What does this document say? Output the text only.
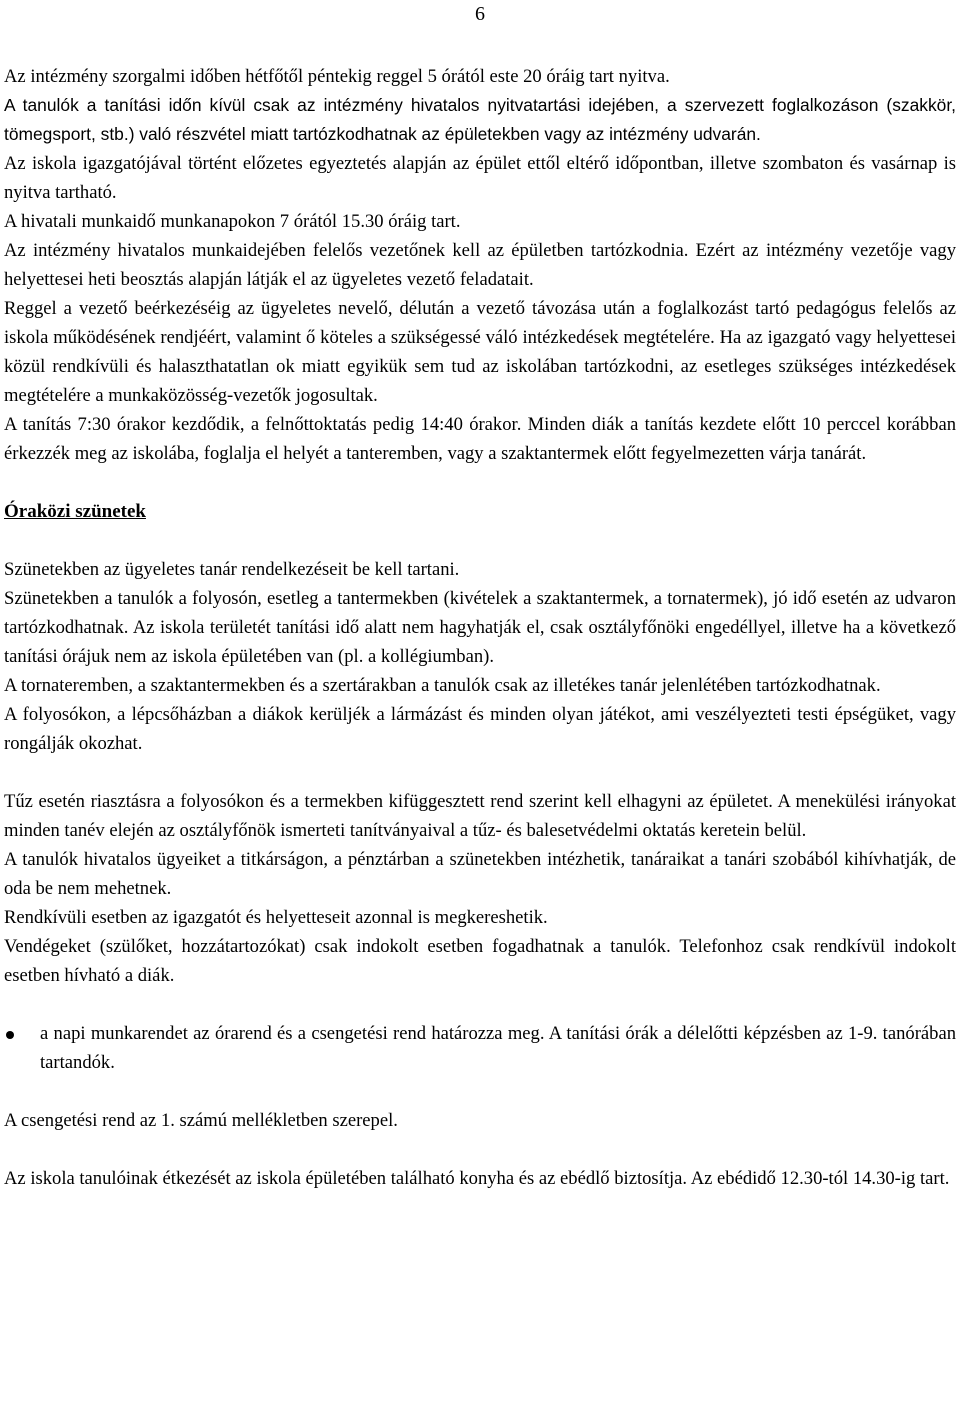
6

Az intézmény szorgalmi időben hétfőtől péntekig reggel 5 órától este 20 óráig tart nyitva.

A tanulók a tanítási időn kívül csak az intézmény hivatalos nyitvatartási idejében, a szervezett foglalkozáson (szakkör, tömegsport, stb.) való részvétel miatt tartózkodhatnak az épületekben vagy az intézmény udvarán.

Az iskola igazgatójával történt előzetes egyeztetés alapján az épület ettől eltérő időpontban, illetve szombaton és vasárnap is nyitva tartható.

A hivatali munkaidő munkanapokon 7 órától 15.30 óráig tart.

Az intézmény hivatalos munkaidejében felelős vezetőnek kell az épületben tartózkodnia. Ezért az intézmény vezetője vagy helyettesei heti beosztás alapján látják el az ügyeletes vezető feladatait.

Reggel a vezető beérkezéséig az ügyeletes nevelő, délután a vezető távozása után a foglalkozást tartó pedagógus felelős az iskola működésének rendjéért, valamint ő köteles a szükségessé váló intézkedések megtételére. Ha az igazgató vagy helyettesei közül rendkívüli és halaszthatatlan ok miatt egyikük sem tud az iskolában tartózkodni, az esetleges szükséges intézkedések megtételére a munkaközösség-vezetők jogosultak.

A tanítás 7:30 órakor kezdődik, a felnőttoktatás pedig 14:40 órakor. Minden diák a tanítás kezdete előtt 10 perccel korábban érkezzék meg az iskolába, foglalja el helyét a tanteremben, vagy a szaktantermek előtt fegyelmezetten várja tanárát.

Óraközi szünetek

Szünetekben az ügyeletes tanár rendelkezéseit be kell tartani.

Szünetekben a tanulók a folyosón, esetleg a tantermekben (kivételek a szaktantermek, a tornatermek), jó idő esetén az udvaron tartózkodhatnak. Az iskola területét tanítási idő alatt nem hagyhatják el, csak osztályfőnöki engedéllyel, illetve ha a következő tanítási órájuk nem az iskola épületében van (pl. a kollégiumban).

A tornateremben, a szaktantermekben és a szertárakban a tanulók csak az illetékes tanár jelenlétében tartózkodhatnak.

A folyosókon, a lépcsőházban a diákok kerüljék a lármázást és minden olyan játékot, ami veszélyezteti testi épségüket, vagy rongálják okozhat.

Tűz esetén riasztásra a folyosókon és a termekben kifüggesztett rend szerint kell elhagyni az épületet. A menekülési irányokat minden tanév elején az osztályfőnök ismerteti tanítványaival a tűz- és balesetvédelmi oktatás keretein belül.

A tanulók hivatalos ügyeiket a titkárságon, a pénztárban a szünetekben intézhetik, tanáraikat a tanári szobából kihívhatják, de oda be nem mehetnek.

Rendkívüli esetben az igazgatót és helyetteseit azonnal is megkereshetik.

Vendégeket (szülőket, hozzátartozókat) csak indokolt esetben fogadhatnak a tanulók. Telefonhoz csak rendkívül indokolt esetben hívható a diák.

a napi munkarendet az órarend és a csengetési rend határozza meg. A tanítási órák a délelőtti képzésben az 1-9. tanórában tartandók.

A csengetési rend az 1. számú mellékletben szerepel.

Az iskola tanulóinak étkezését az iskola épületében található konyha és az ebédlő biztosítja. Az ebédidő 12.30-tól 14.30-ig tart.
